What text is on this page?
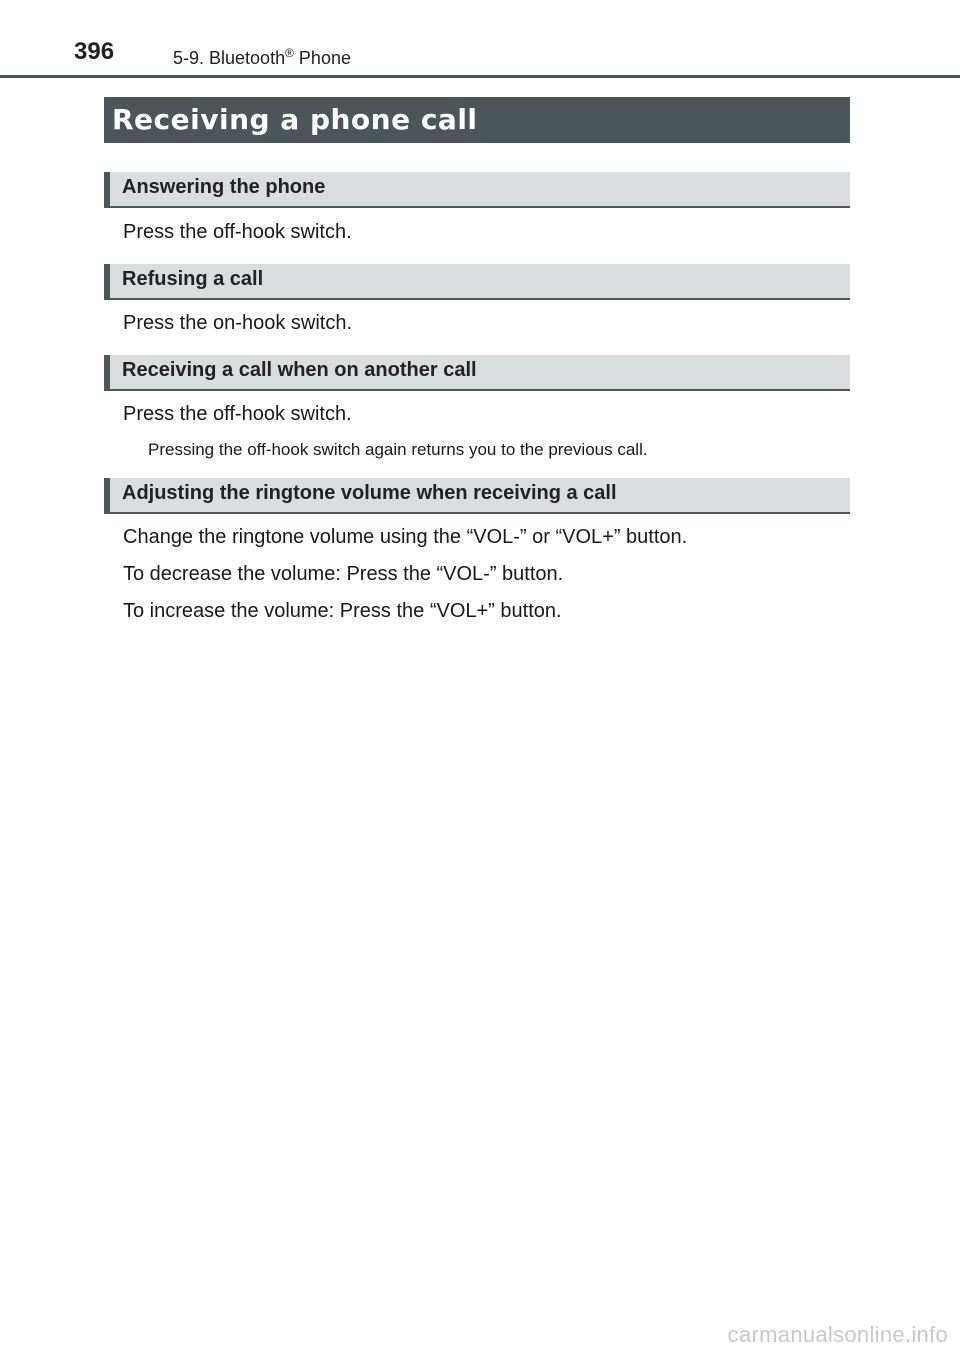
396	5-9. Bluetooth® Phone
Receiving a phone call
Answering the phone
Press the off-hook switch.
Refusing a call
Press the on-hook switch.
Receiving a call when on another call
Press the off-hook switch.
Pressing the off-hook switch again returns you to the previous call.
Adjusting the ringtone volume when receiving a call
Change the ringtone volume using the “VOL-” or “VOL+” button.
To decrease the volume: Press the “VOL-” button.
To increase the volume: Press the “VOL+” button.
carmanualsonline.info
